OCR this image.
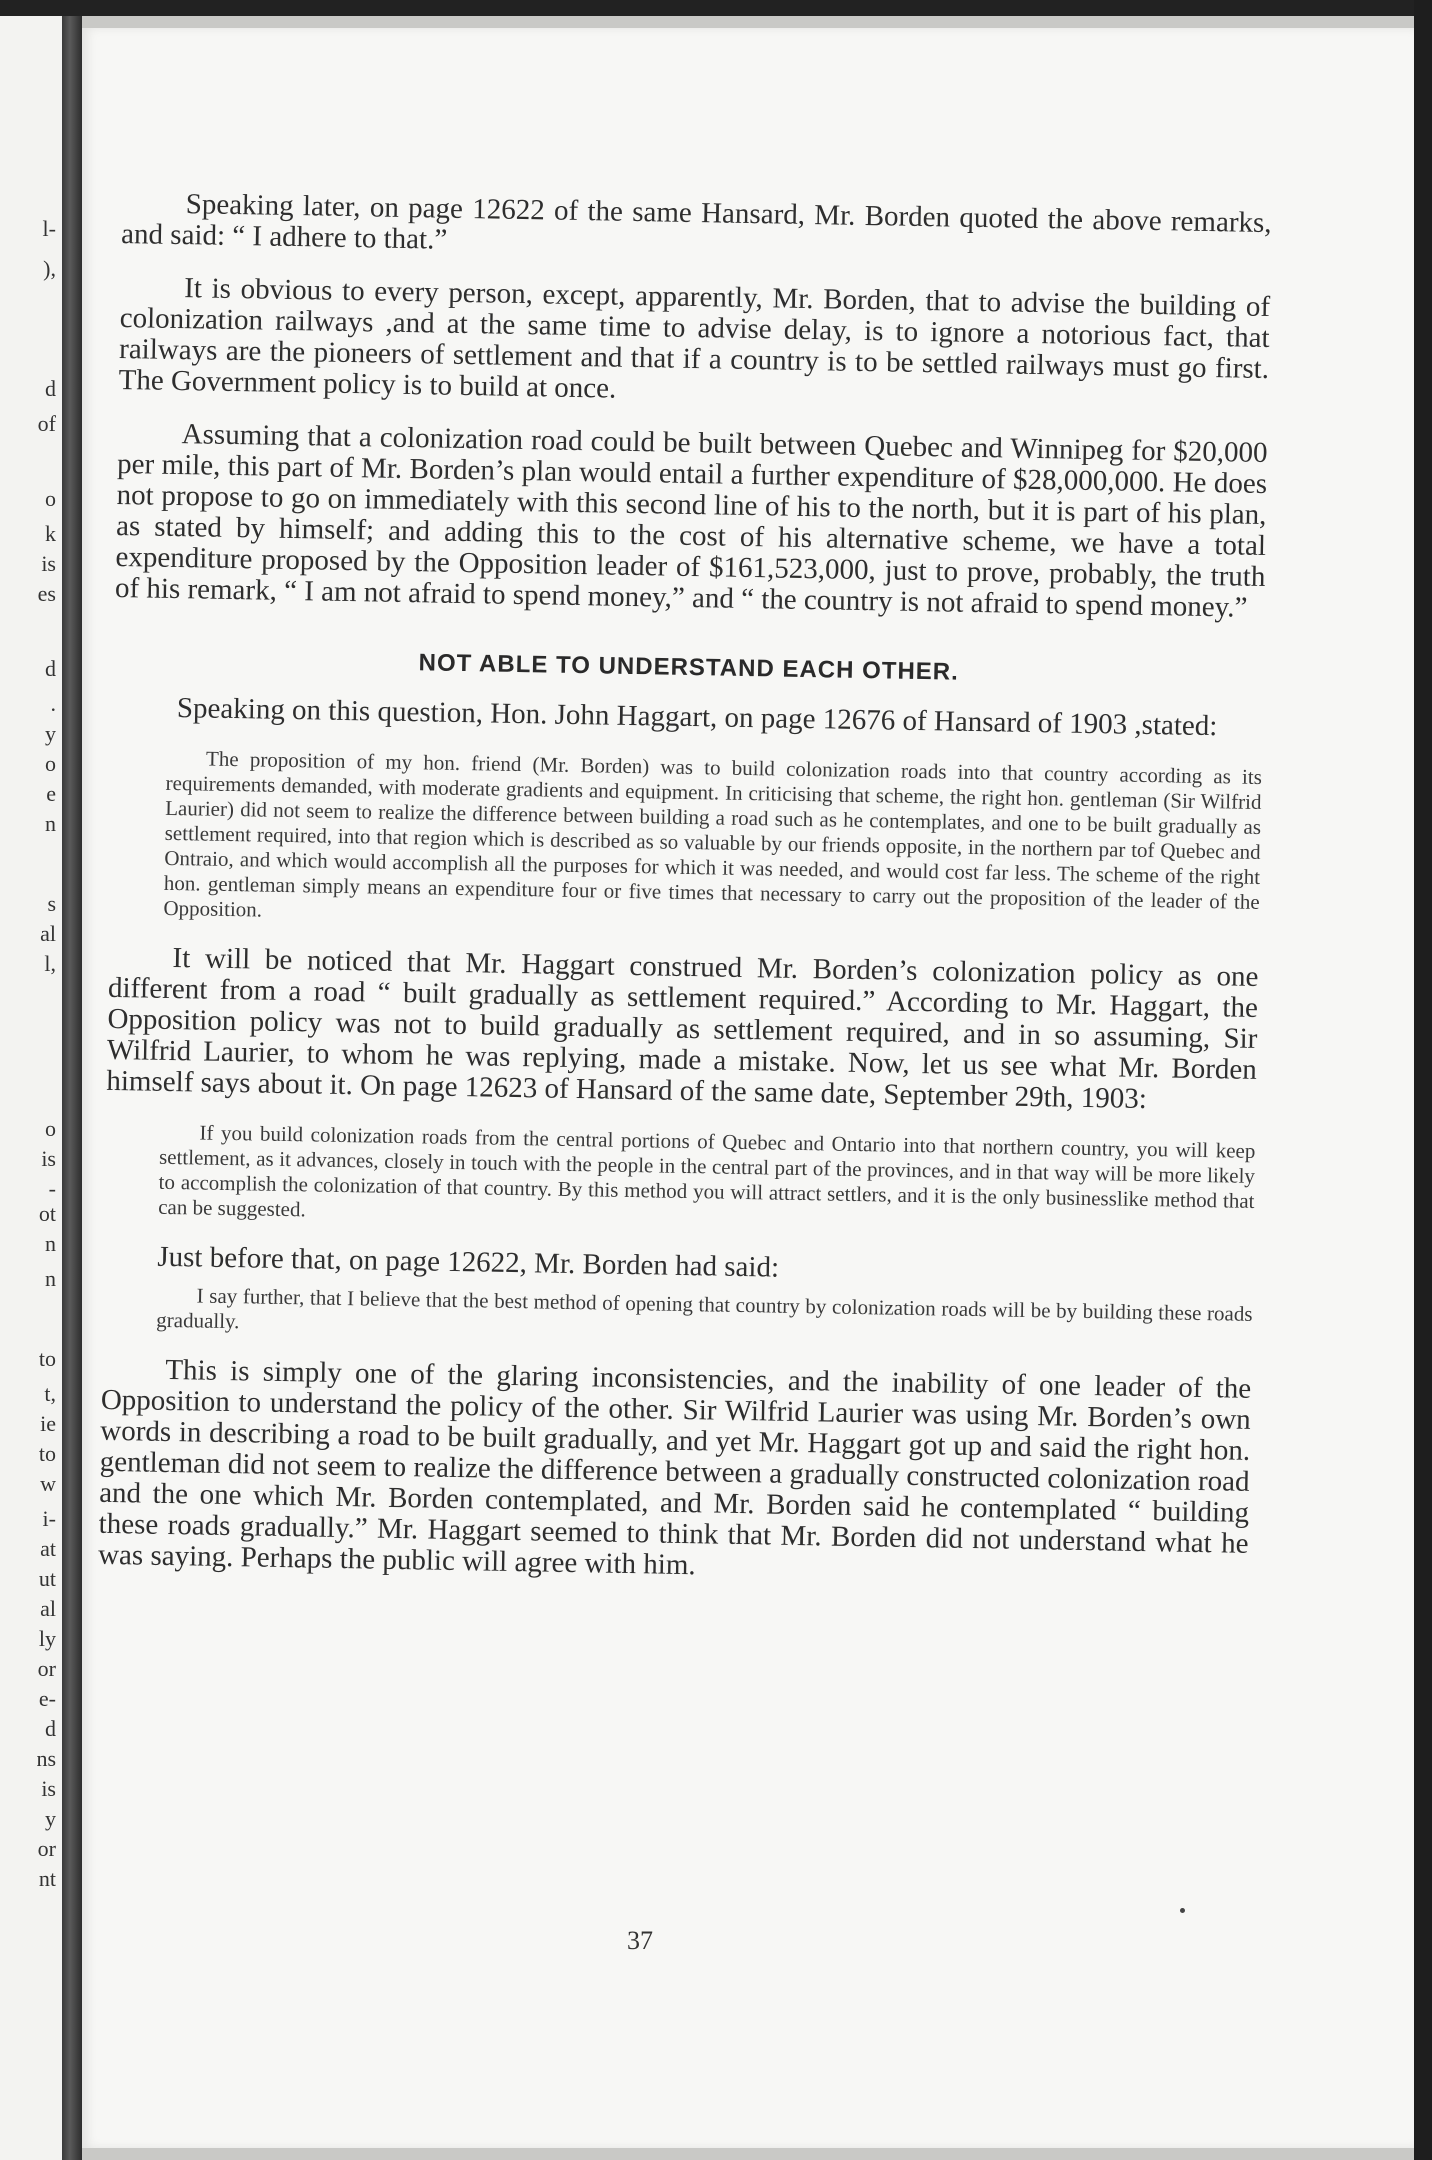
l-
),
d
of
o
k
is
es
d
.
y
o
e
n
s
al
l,
o
is
-
ot
n
n
to
t,
ie
to
w
i-
at
ut
al
ly
or
e-
d
ns
is
y
or
nt

Speaking later, on page 12622 of the same Hansard, Mr. Borden quoted the above remarks, and said: “ I adhere to that.”

It is obvious to every person, except, apparently, Mr. Borden, that to advise the building of colonization railways ,and at the same time to advise delay, is to ignore a notorious fact, that railways are the pioneers of settlement and that if a country is to be settled railways must go first. The Government policy is to build at once.

Assuming that a colonization road could be built between Quebec and Winnipeg for $20,000 per mile, this part of Mr. Borden’s plan would entail a further expenditure of $28,000,000. He does not propose to go on immediately with this second line of his to the north, but it is part of his plan, as stated by himself; and adding this to the cost of his alternative scheme, we have a total expenditure proposed by the Opposition leader of $161,523,000, just to prove, probably, the truth of his remark, “ I am not afraid to spend money,” and “ the country is not afraid to spend money.”

NOT ABLE TO UNDERSTAND EACH OTHER.

Speaking on this question, Hon. John Haggart, on page 12676 of Hansard of 1903 ,stated:

The proposition of my hon. friend (Mr. Borden) was to build colonization roads into that country according as its requirements demanded, with moderate gradients and equipment. In criticising that scheme, the right hon. gentleman (Sir Wilfrid Laurier) did not seem to realize the difference between building a road such as he contemplates, and one to be built gradually as settlement required, into that region which is described as so valuable by our friends opposite, in the northern par tof Quebec and Ontraio, and which would accomplish all the purposes for which it was needed, and would cost far less. The scheme of the right hon. gentleman simply means an expenditure four or five times that necessary to carry out the proposition of the leader of the Opposition.

It will be noticed that Mr. Haggart construed Mr. Borden’s colonization policy as one different from a road “ built gradually as settlement required.” According to Mr. Haggart, the Opposition policy was not to build gradually as settlement required, and in so assuming, Sir Wilfrid Laurier, to whom he was replying, made a mistake. Now, let us see what Mr. Borden himself says about it. On page 12623 of Hansard of the same date, September 29th, 1903:

If you build colonization roads from the central portions of Quebec and Ontario into that northern country, you will keep settlement, as it advances, closely in touch with the people in the central part of the provinces, and in that way will be more likely to accomplish the colonization of that country. By this method you will attract settlers, and it is the only businesslike method that can be suggested.

Just before that, on page 12622, Mr. Borden had said:

I say further, that I believe that the best method of opening that country by colonization roads will be by building these roads gradually.

This is simply one of the glaring inconsistencies, and the inability of one leader of the Opposition to understand the policy of the other. Sir Wilfrid Laurier was using Mr. Borden’s own words in describing a road to be built gradually, and yet Mr. Haggart got up and said the right hon. gentleman did not seem to realize the difference between a gradually constructed colonization road and the one which Mr. Borden contemplated, and Mr. Borden said he contemplated “ building these roads gradually.” Mr. Haggart seemed to think that Mr. Borden did not understand what he was saying. Perhaps the public will agree with him.

37
